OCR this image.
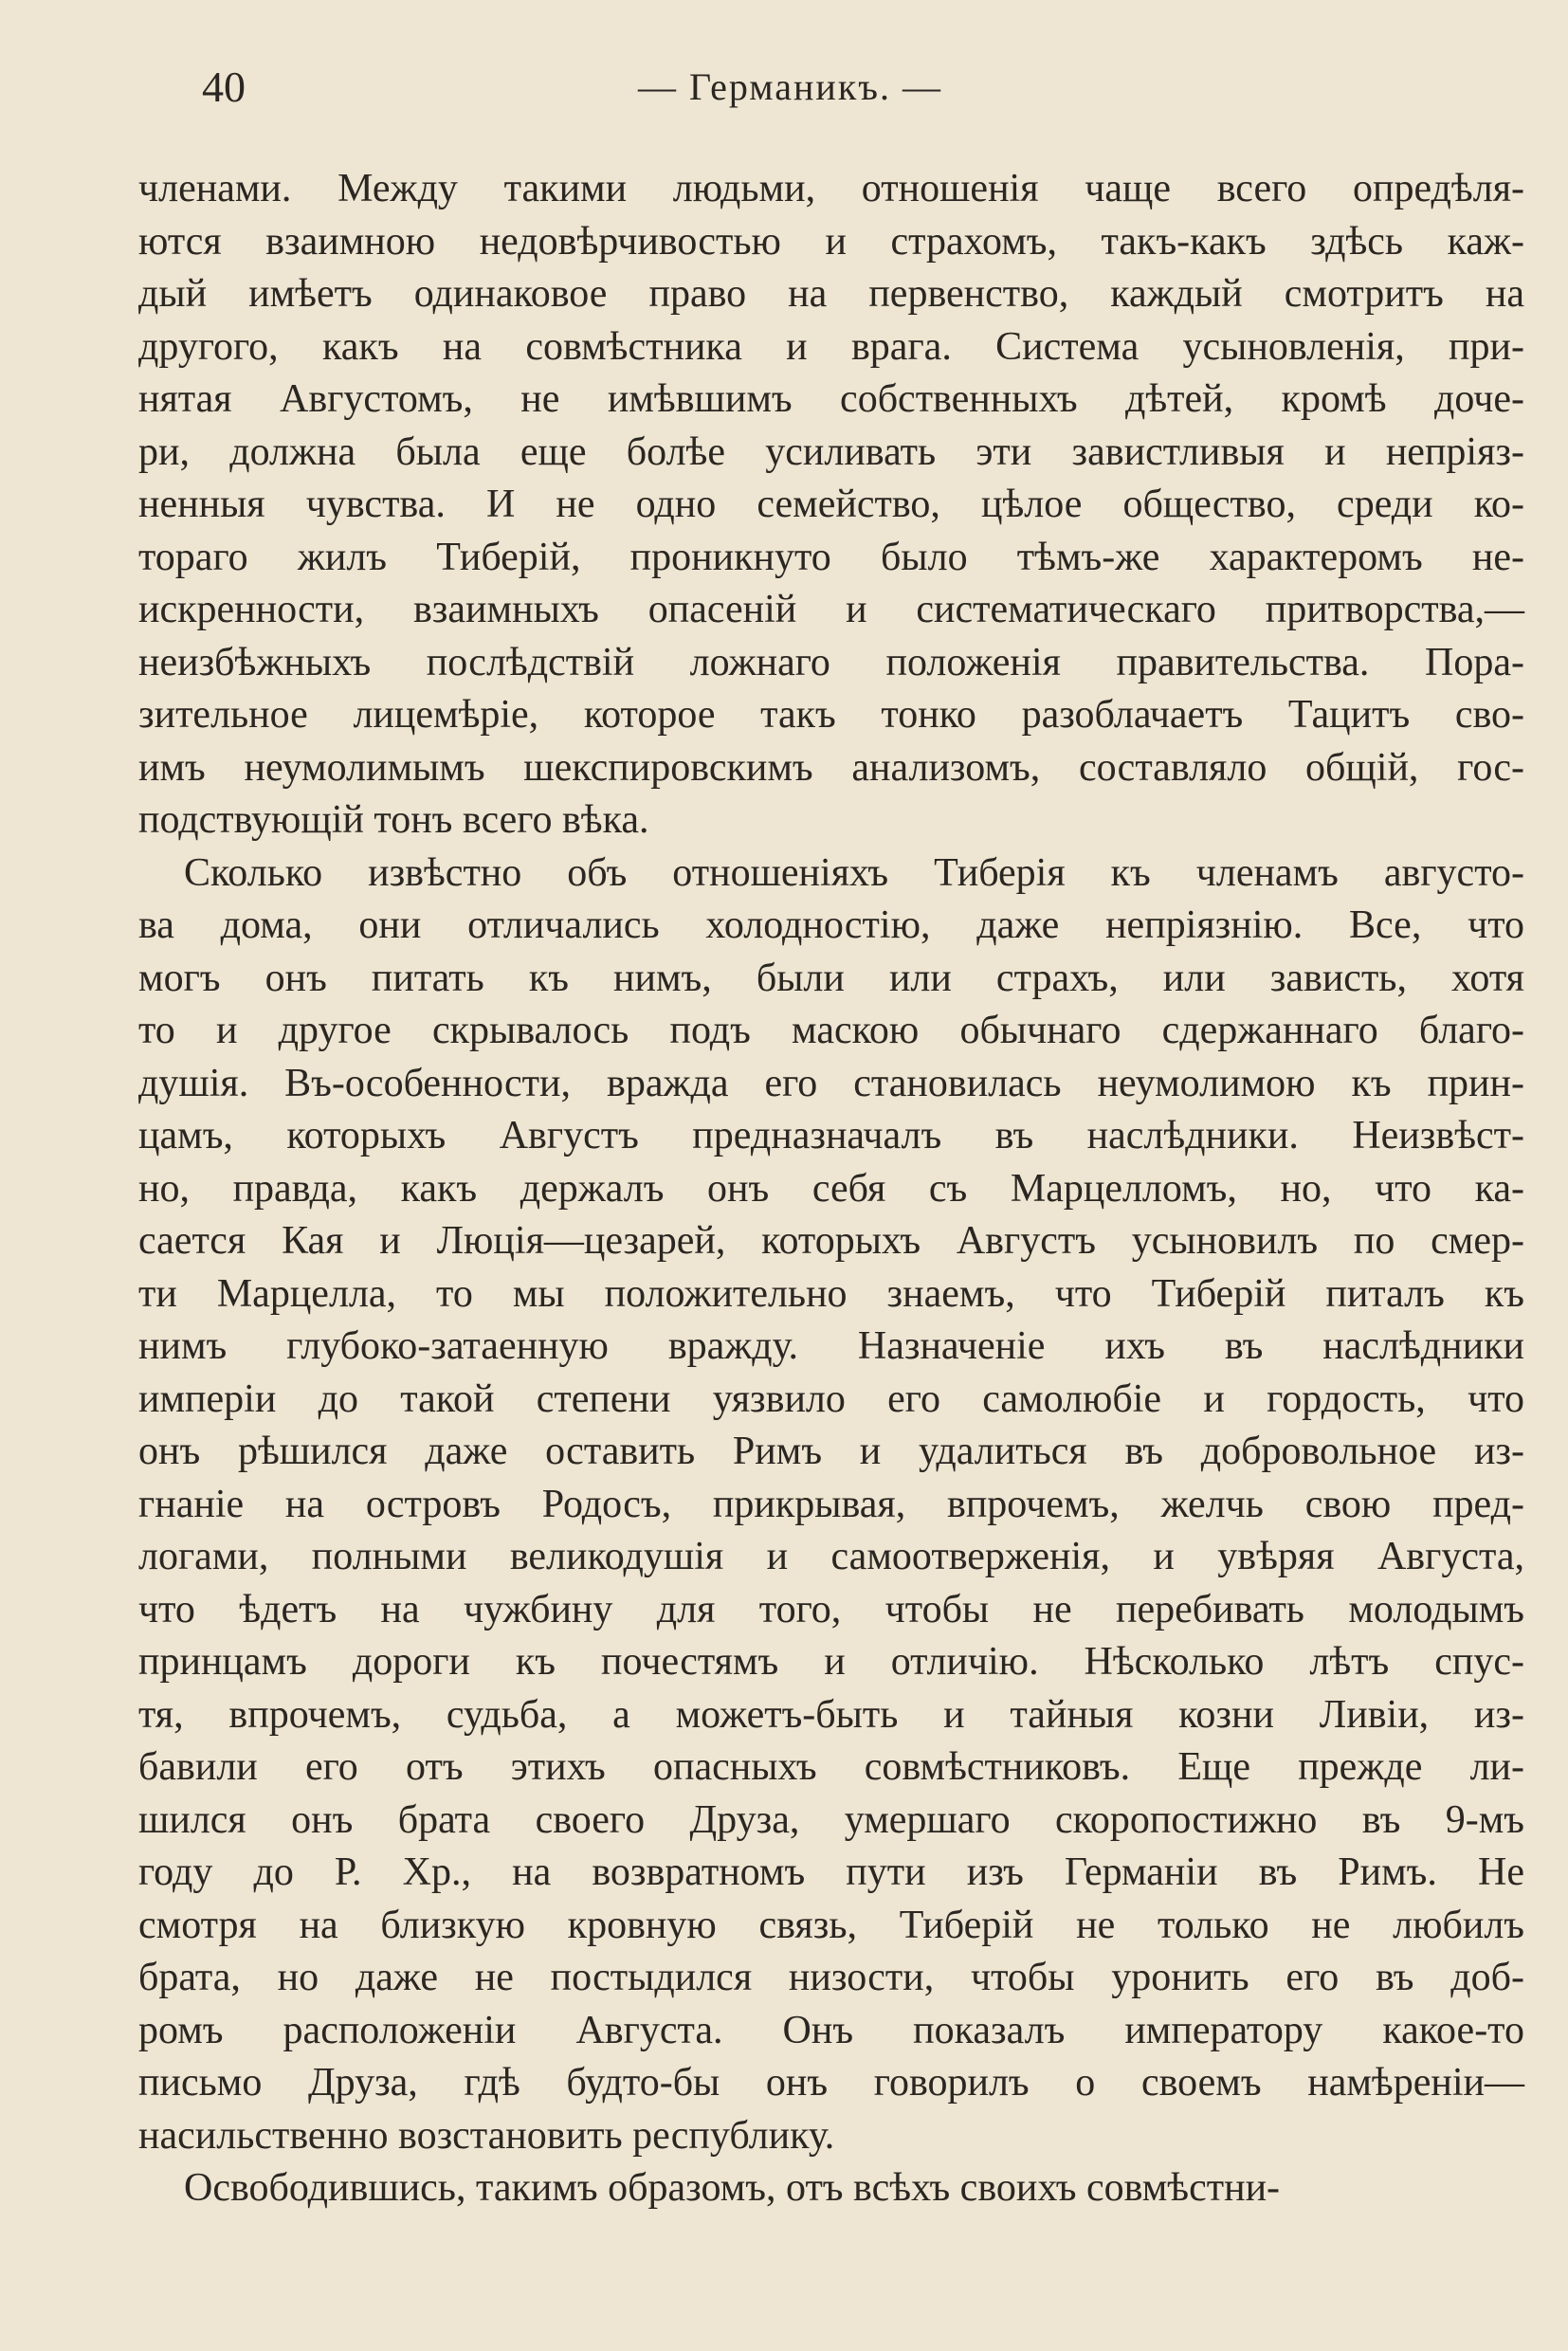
40	— Германикъ. —
членами. Между такими людьми, отношенія чаще всего опредѣля-
ются взаимною недовѣрчивостью и страхомъ, такъ-какъ здѣсь каж-
дый имѣетъ одинаковое право на первенство, каждый смотритъ на
другого, какъ на совмѣстника и врага. Система усыновленія, при-
нятая Августомъ, не имѣвшимъ собственныхъ дѣтей, кромѣ доче-
ри, должна была еще болѣе усиливать эти завистливыя и непріяз-
ненныя чувства. И не одно семейство, цѣлое общество, среди ко-
тораго жилъ Тиберій, проникнуто было тѣмъ-же характеромъ не-
искренности, взаимныхъ опасеній и систематическаго притворства,—
неизбѣжныхъ послѣдствій ложнаго положенія правительства. Пора-
зительное лицемѣріе, которое такъ тонко разоблачаетъ Тацитъ сво-
имъ неумолимымъ шекспировскимъ анализомъ, составляло общій, гос-
подствующій тонъ всего вѣка.
Сколько извѣстно объ отношеніяхъ Тиберія къ членамъ августо-
ва дома, они отличались холодностію, даже непріязнію. Все, что
могъ онъ питать къ нимъ, были или страхъ, или зависть, хотя
то и другое скрывалось подъ маскою обычнаго сдержаннаго благо-
душія. Въ-особенности, вражда его становилась неумолимою къ прин-
цамъ, которыхъ Августъ предназначалъ въ наслѣдники. Неизвѣст-
но, правда, какъ держалъ онъ себя съ Марцелломъ, но, что ка-
сается Кая и Люція—цезарей, которыхъ Августъ усыновилъ по смер-
ти Марцелла, то мы положительно знаемъ, что Тиберій питалъ къ
нимъ глубоко-затаенную вражду. Назначеніе ихъ въ наслѣдники
имперіи до такой степени уязвило его самолюбіе и гордость, что
онъ рѣшился даже оставить Римъ и удалиться въ добровольное из-
гнаніе на островъ Родосъ, прикрывая, впрочемъ, желчь свою пред-
логами, полными великодушія и самоотверженія, и увѣряя Августа,
что ѣдетъ на чужбину для того, чтобы не перебивать молодымъ
принцамъ дороги къ почестямъ и отличію. Нѣсколько лѣтъ спус-
тя, впрочемъ, судьба, а можетъ-быть и тайныя козни Ливіи, из-
бавили его отъ этихъ опасныхъ совмѣстниковъ. Еще прежде ли-
шился онъ брата своего Друза, умершаго скоропостижно въ 9-мъ
году до Р. Хр., на возвратномъ пути изъ Германіи въ Римъ. Не
смотря на близкую кровную связь, Тиберій не только не любилъ
брата, но даже не постыдился низости, чтобы уронить его въ доб-
ромъ расположеніи Августа. Онъ показалъ императору какое-то
письмо Друза, гдѣ будто-бы онъ говорилъ о своемъ намѣреніи—
насильственно возстановить республику.
Освободившись, такимъ образомъ, отъ всѣхъ своихъ совмѣстни-
